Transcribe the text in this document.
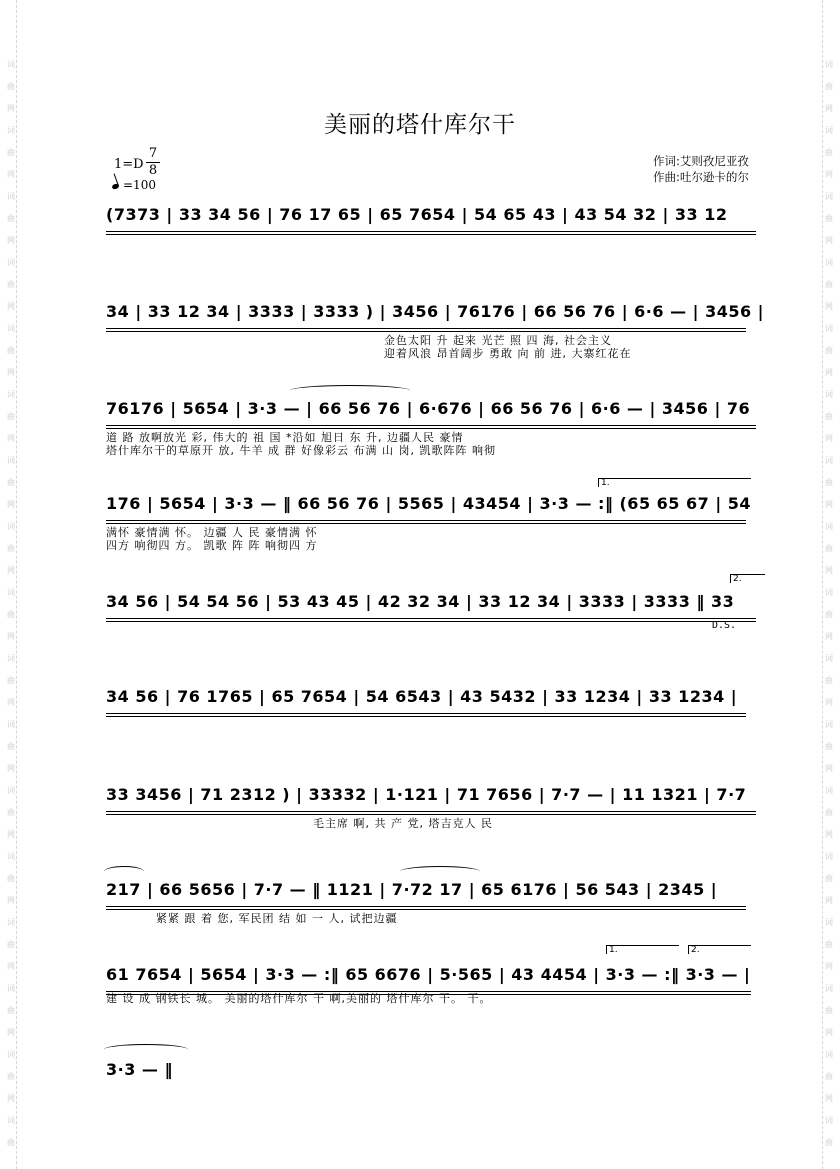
词
曲
网
词
曲
网
词
曲
网
词
曲
网
词
曲
网
词
曲
网
词
曲
网
词
曲
网
词
曲
网
词
曲
网
词
曲
网
词
曲
网
词
曲
网
词
曲
网
词
曲
网
词
曲
网
词
曲
词
曲
网
词
曲
网
词
曲
网
词
曲
网
词
曲
网
词
曲
网
词
曲
网
词
曲
网
词
曲
网
词
曲
网
词
曲
网
词
曲
网
词
曲
网
词
曲
网
词
曲
网
词
曲
网
词
曲
美丽的塔什库尔干
1=D
7
8
=100
作词:艾则孜尼亚孜
作曲:吐尔逊卡的尔
(7373 | 33 34 56 | 76 17 65 | 65 7654 | 54 65 43 | 43 54 32 | 33 12
34 | 33 12 34 | 3333 | 3333 ) | 3456 | 76176 | 66 56 76 | 6·6 — | 3456 |
金色太阳 升 起来 光芒 照 四 海, 社会主义
迎着风浪 昂首阔步 勇敢 向 前 进, 大寨红花在
76176 | 5654 | 3·3 — | 66 56 76 | 6·676 | 66 56 76 | 6·6 — | 3456 | 76
道 路 放啊放光 彩, 伟大的 祖 国 *沿如 旭日 东 升, 边疆人民 豪情
塔什库尔干的草原开 放, 牛羊 成 群 好像彩云 布满 山 岗, 凯歌阵阵 响彻
176 | 5654 | 3·3 — ‖ 66 56 76 | 5565 | 43454 | 3·3 — :‖ (65 65 67 | 54
1.
满怀 豪情满 怀。 边疆 人 民 豪情满 怀
四方 响彻四 方。 凯歌 阵 阵 响彻四 方
34 56 | 54 54 56 | 53 43 45 | 42 32 34 | 33 12 34 | 3333 | 3333 ‖ 33
2.
D.S.
34 56 | 76 1765 | 65 7654 | 54 6543 | 43 5432 | 33 1234 | 33 1234 |
33 3456 | 71 2312 ) | 33332 | 1·121 | 71 7656 | 7·7 — | 11 1321 | 7·7
毛主席 啊, 共 产 党, 塔吉克人 民
217 | 66 5656 | 7·7 — ‖ 1121 | 7·72 17 | 65 6176 | 56 543 | 2345 |
紧紧 跟 着 您, 军民团 结 如 一 人, 试把边疆
61 7654 | 5654 | 3·3 — :‖ 65 6676 | 5·565 | 43 4454 | 3·3 — :‖ 3·3 — |
1.	2.
建 设 成 钢铁长 城。 美丽的塔什库尔 干 啊,美丽的 塔什库尔 干。 干。
3·3 — ‖
